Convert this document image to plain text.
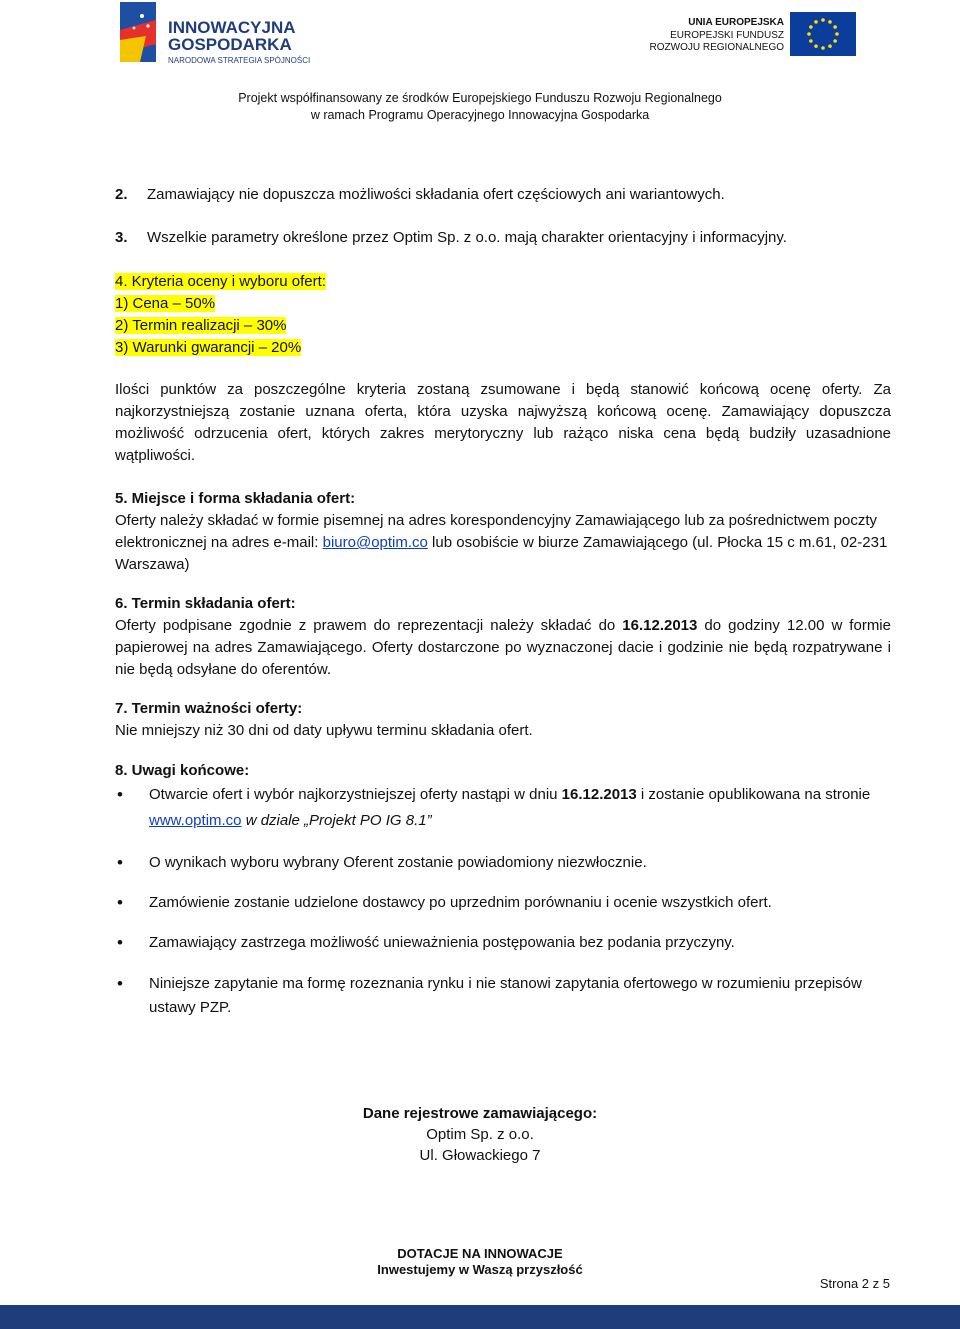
INNOWACYJNA
GOSPODARKA
NARODOWA STRATEGIA SPÓJNOŚCI
UNIA EUROPEJSKA
EUROPEJSKI FUNDUSZ
ROZWOJU REGIONALNEGO
Projekt współfinansowany ze środków Europejskiego Funduszu Rozwoju Regionalnego
w ramach Programu Operacyjnego Innowacyjna Gospodarka

2. Zamawiający nie dopuszcza możliwości składania ofert częściowych ani wariantowych.

3. Wszelkie parametry określone przez Optim Sp. z o.o. mają charakter orientacyjny i informacyjny.

4. Kryteria oceny i wyboru ofert:

1) Cena – 50%

2) Termin realizacji – 30%

3) Warunki gwarancji – 20%

Ilości punktów za poszczególne kryteria zostaną zsumowane i będą stanowić końcową ocenę oferty. Za najkorzystniejszą zostanie uznana oferta, która uzyska najwyższą końcową ocenę. Zamawiający dopuszcza możliwość odrzucenia ofert, których zakres merytoryczny lub rażąco niska cena będą budziły uzasadnione wątpliwości.

5. Miejsce i forma składania ofert:

Oferty należy składać w formie pisemnej na adres korespondencyjny Zamawiającego lub za pośrednictwem poczty elektronicznej na adres e-mail: biuro@optim.co lub osobiście w biurze Zamawiającego (ul. Płocka 15 c m.61, 02-231 Warszawa)

6. Termin składania ofert:

Oferty podpisane zgodnie z prawem do reprezentacji należy składać do 16.12.2013 do godziny 12.00 w formie papierowej na adres Zamawiającego. Oferty dostarczone po wyznaczonej dacie i godzinie nie będą rozpatrywane i nie będą odsyłane do oferentów.

7. Termin ważności oferty:

Nie mniejszy niż 30 dni od daty upływu terminu składania ofert.

8. Uwagi końcowe:

• Otwarcie ofert i wybór najkorzystniejszej oferty nastąpi w dniu 16.12.2013 i zostanie opublikowana na stronie www.optim.co w dziale „Projekt PO IG 8.1”
• O wynikach wyboru wybrany Oferent zostanie powiadomiony niezwłocznie.
• Zamówienie zostanie udzielone dostawcy po uprzednim porównaniu i ocenie wszystkich ofert.
• Zamawiający zastrzega możliwość unieważnienia postępowania bez podania przyczyny.
• Niniejsze zapytanie ma formę rozeznania rynku i nie stanowi zapytania ofertowego w rozumieniu przepisów ustawy PZP.
Dane rejestrowe zamawiającego:
Optim Sp. z o.o.
Ul. Głowackiego 7
DOTACJE NA INNOWACJE
Inwestujemy w Waszą przyszłość
Strona 2 z 5
